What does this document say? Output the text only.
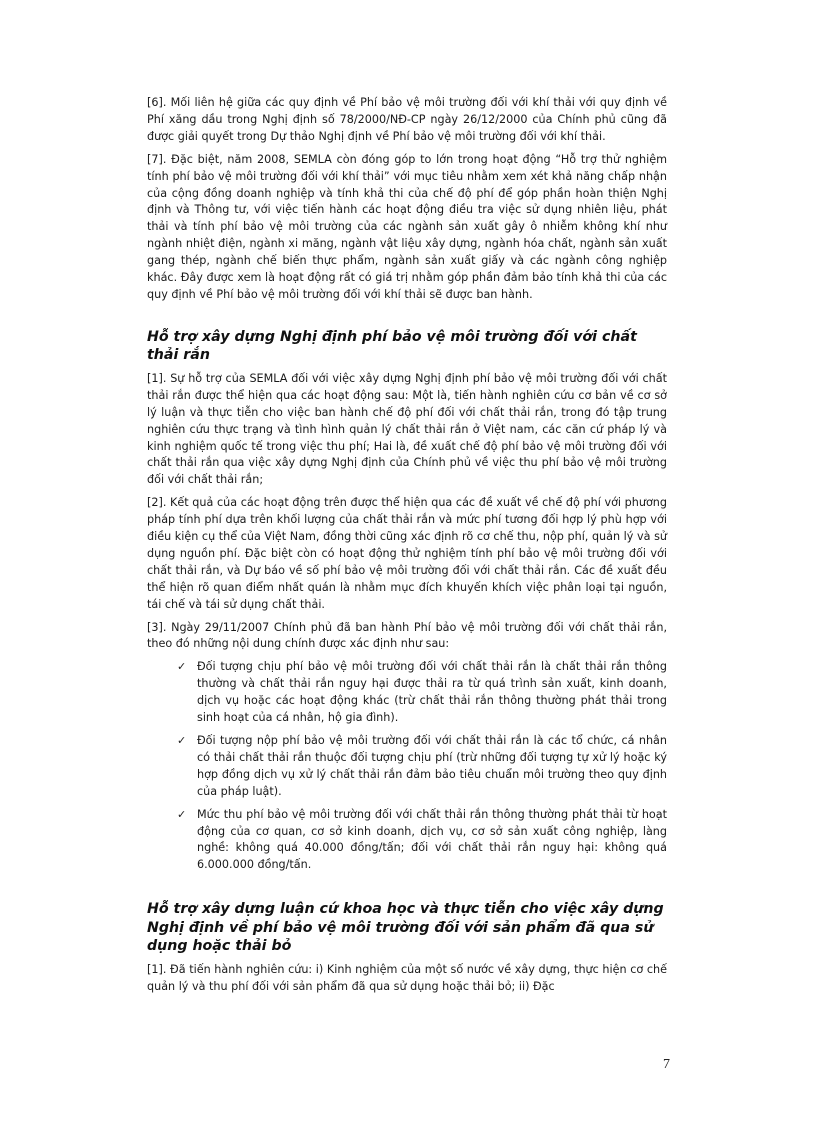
[6]. Mối liên hệ giữa các quy định về Phí bảo vệ môi trường đối với khí thải với quy định về Phí xăng dầu trong Nghị định số 78/2000/NĐ-CP ngày 26/12/2000 của Chính phủ cũng đã được giải quyết trong Dự thảo Nghị định về Phí bảo vệ môi trường đối với khí thải.

[7]. Đặc biệt, năm 2008, SEMLA còn đóng góp to lớn trong hoạt động “Hỗ trợ thử nghiệm tính phí bảo vệ môi trường đối với khí thải” với mục tiêu nhằm xem xét khả năng chấp nhận của cộng đồng doanh nghiệp và tính khả thi của chế độ phí để góp phần hoàn thiện Nghị định và Thông tư, với việc tiến hành các hoạt động điều tra việc sử dụng nhiên liệu, phát thải và tính phí bảo vệ môi trường của các ngành sản xuất gây ô nhiễm không khí như ngành nhiệt điện, ngành xi măng, ngành vật liệu xây dựng, ngành hóa chất, ngành sản xuất gang thép, ngành chế biến thực phẩm, ngành sản xuất giấy và các ngành công nghiệp khác. Đây được xem là hoạt động rất có giá trị nhằm góp phần đảm bảo tính khả thi của các quy định về Phí bảo vệ môi trường đối với khí thải sẽ được ban hành.

Hỗ trợ xây dựng Nghị định phí bảo vệ môi trường đối với chất thải rắn

[1]. Sự hỗ trợ của SEMLA đối với việc xây dựng Nghị định phí bảo vệ môi trường đối với chất thải rắn được thể hiện qua các hoạt động sau: Một là, tiến hành nghiên cứu cơ bản về cơ sở lý luận và thực tiễn cho việc ban hành chế độ phí đối với chất thải rắn, trong đó tập trung nghiên cứu thực trạng và tình hình quản lý chất thải rắn ở Việt nam, các căn cứ pháp lý và kinh nghiệm quốc tế trong việc thu phí; Hai là, đề xuất chế độ phí bảo vệ môi trường đối với chất thải rắn qua việc xây dựng Nghị định của Chính phủ về việc thu phí bảo vệ môi trường đối với chất thải rắn;

[2]. Kết quả của các hoạt động trên được thể hiện qua các đề xuất về chế độ phí với phương pháp tính phí dựa trên khối lượng của chất thải rắn và mức phí tương đối hợp lý phù hợp với điều kiện cụ thể của Việt Nam, đồng thời cũng xác định rõ cơ chế thu, nộp phí, quản lý và sử dụng nguồn phí. Đặc biệt còn có hoạt động thử nghiệm tính phí bảo vệ môi trường đối với chất thải rắn, và Dự báo về số phí bảo vệ môi trường đối với chất thải rắn. Các đề xuất đều thể hiện rõ quan điểm nhất quán là nhằm mục đích khuyến khích việc phân loại tại nguồn, tái chế và tái sử dụng chất thải.

[3]. Ngày 29/11/2007 Chính phủ đã ban hành Phí bảo vệ môi trường đối với chất thải rắn, theo đó những nội dung chính được xác định như sau:

✓ Đối tượng chịu phí bảo vệ môi trường đối với chất thải rắn là chất thải rắn thông thường và chất thải rắn nguy hại được thải ra từ quá trình sản xuất, kinh doanh, dịch vụ hoặc các hoạt động khác (trừ chất thải rắn thông thường phát thải trong sinh hoạt của cá nhân, hộ gia đình).
✓ Đối tượng nộp phí bảo vệ môi trường đối với chất thải rắn là các tổ chức, cá nhân có thải chất thải rắn thuộc đối tượng chịu phí (trừ những đối tượng tự xử lý hoặc ký hợp đồng dịch vụ xử lý chất thải rắn đảm bảo tiêu chuẩn môi trường theo quy định của pháp luật).
✓ Mức thu phí bảo vệ môi trường đối với chất thải rắn thông thường phát thải từ hoạt động của cơ quan, cơ sở kinh doanh, dịch vụ, cơ sở sản xuất công nghiệp, làng nghề: không quá 40.000 đồng/tấn; đối với chất thải rắn nguy hại: không quá 6.000.000 đồng/tấn.
Hỗ trợ xây dựng luận cứ khoa học và thực tiễn cho việc xây dựng Nghị định về phí bảo vệ môi trường đối với sản phẩm đã qua sử dụng hoặc thải bỏ

[1]. Đã tiến hành nghiên cứu: i) Kinh nghiệm của một số nước về xây dựng, thực hiện cơ chế quản lý và thu phí đối với sản phẩm đã qua sử dụng hoặc thải bỏ; ii) Đặc

7
